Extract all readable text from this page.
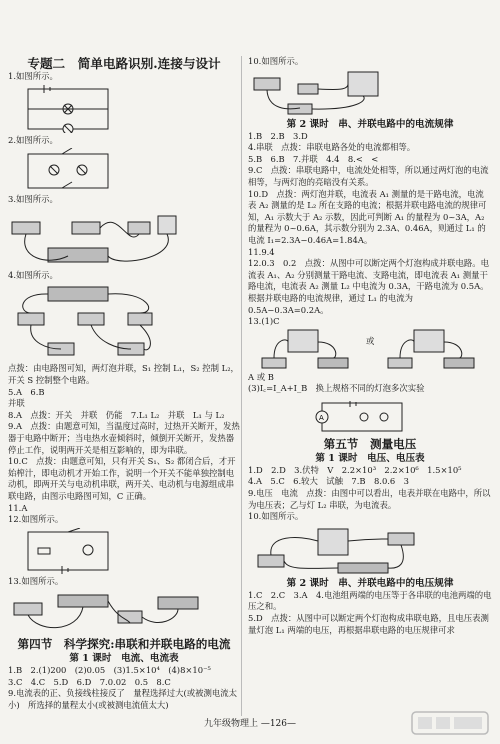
专题二　简单电路识别.连接与设计
1.如图所示。
2.如图所示。
3.如图所示。
4.如图所示。
点拨：由电路图可知，两灯泡并联，S₁ 控制 L₁，S₂ 控制 L₂，开关 S 控制整个电路。
5.A　6.B
并联
8.A　点拨：开关　并联　仍能　7.L₁ L₂　并联　L₁ 与 L₂
9.A　点拨：由题意可知，当温度过高时，过热开关断开，发热器于电路中断开；当电热水壶倾斜时，倾倒开关断开，发热器停止工作，说明两开关是相互影响的，即为串联。
10.C　点拨：由题意可知，只有开关 S₁、S₂ 都闭合后，才开始榨汁，即电动机才开始工作，说明一个开关不能单独控制电动机，即两开关与电动机串联，两开关、电动机与电源组成串联电路，由图示电路图可知，C 正确。
11.A
12.如图所示。
13.如图所示。
第四节　科学探究:串联和并联电路的电流
第 1 课时　电流、电流表
1.B　2.(1)200　(2)0.05　(3)1.5×10⁴　(4)8×10⁻⁵
3.C　4.C　5.D　6.D　7.0.02　0.5　8.C
9.电流表的正、负接线柱接反了　量程选择过大(或被测电流太小)　所选择的量程太小(或被测电流值太大)
10.如图所示。
第 2 课时　串、并联电路中的电流规律
1.B　2.B　3.D
4.串联　点拨：串联电路各处的电流都相等。
5.B　6.B　7.并联　4.4　8.<　<
9.C　点拨：串联电路中，电流处处相等，所以通过两灯泡的电流相等，与两灯泡的亮暗没有关系。
10.D　点拨：两灯泡并联，电流表 A₁ 测量的是干路电流，电流表 A₂ 测量的是 L₂ 所在支路的电流；根据并联电路电流的规律可知，A₁ 示数大于 A₂ 示数，因此可判断 A₁ 的量程为 0~3A，A₂ 的量程为 0~0.6A，其示数分别为 2.3A、0.46A，则通过 L₁ 的电流 I₁=2.3A−0.46A=1.84A。
11.9.4
12.0.3　0.2　点拨：从图中可以断定两个灯泡构成并联电路。电流表 A₁、A₂ 分别测量干路电流、支路电流，即电流表 A₁ 测量干路电流，电流表 A₂ 测量 L₂ 中电流为 0.3A，干路电流为 0.5A。根据并联电路的电流规律，通过 L₁ 的电流为 0.5A−0.3A=0.2A。
13.(1)C
或
A 或 B
(3)I꜀=I_A+I_B　换上规格不同的灯泡多次实验
A
第五节　测量电压
第 1 课时　电压、电压表
1.D　2.D　3.伏特　V　2.2×10³　2.2×10⁶　1.5×10⁵
4.A　5.C　6.较大　试触　7.B　8.0.6　3
9.电压　电流　点拨：由图中可以看出，电表并联在电路中，所以为电压表；乙与灯 L₂ 串联，为电流表。
10.如图所示。
第 2 课时　串、并联电路中的电压规律
1.C　2.C　3.A　4.电池组两端的电压等于各串联的电池两端的电压之和。
5.D　点拨：从图中可以断定两个灯泡构成串联电路，且电压表测量灯泡 L₁ 两端的电压，再根据串联电路的电压规律可求
九年级物理上 —126—
